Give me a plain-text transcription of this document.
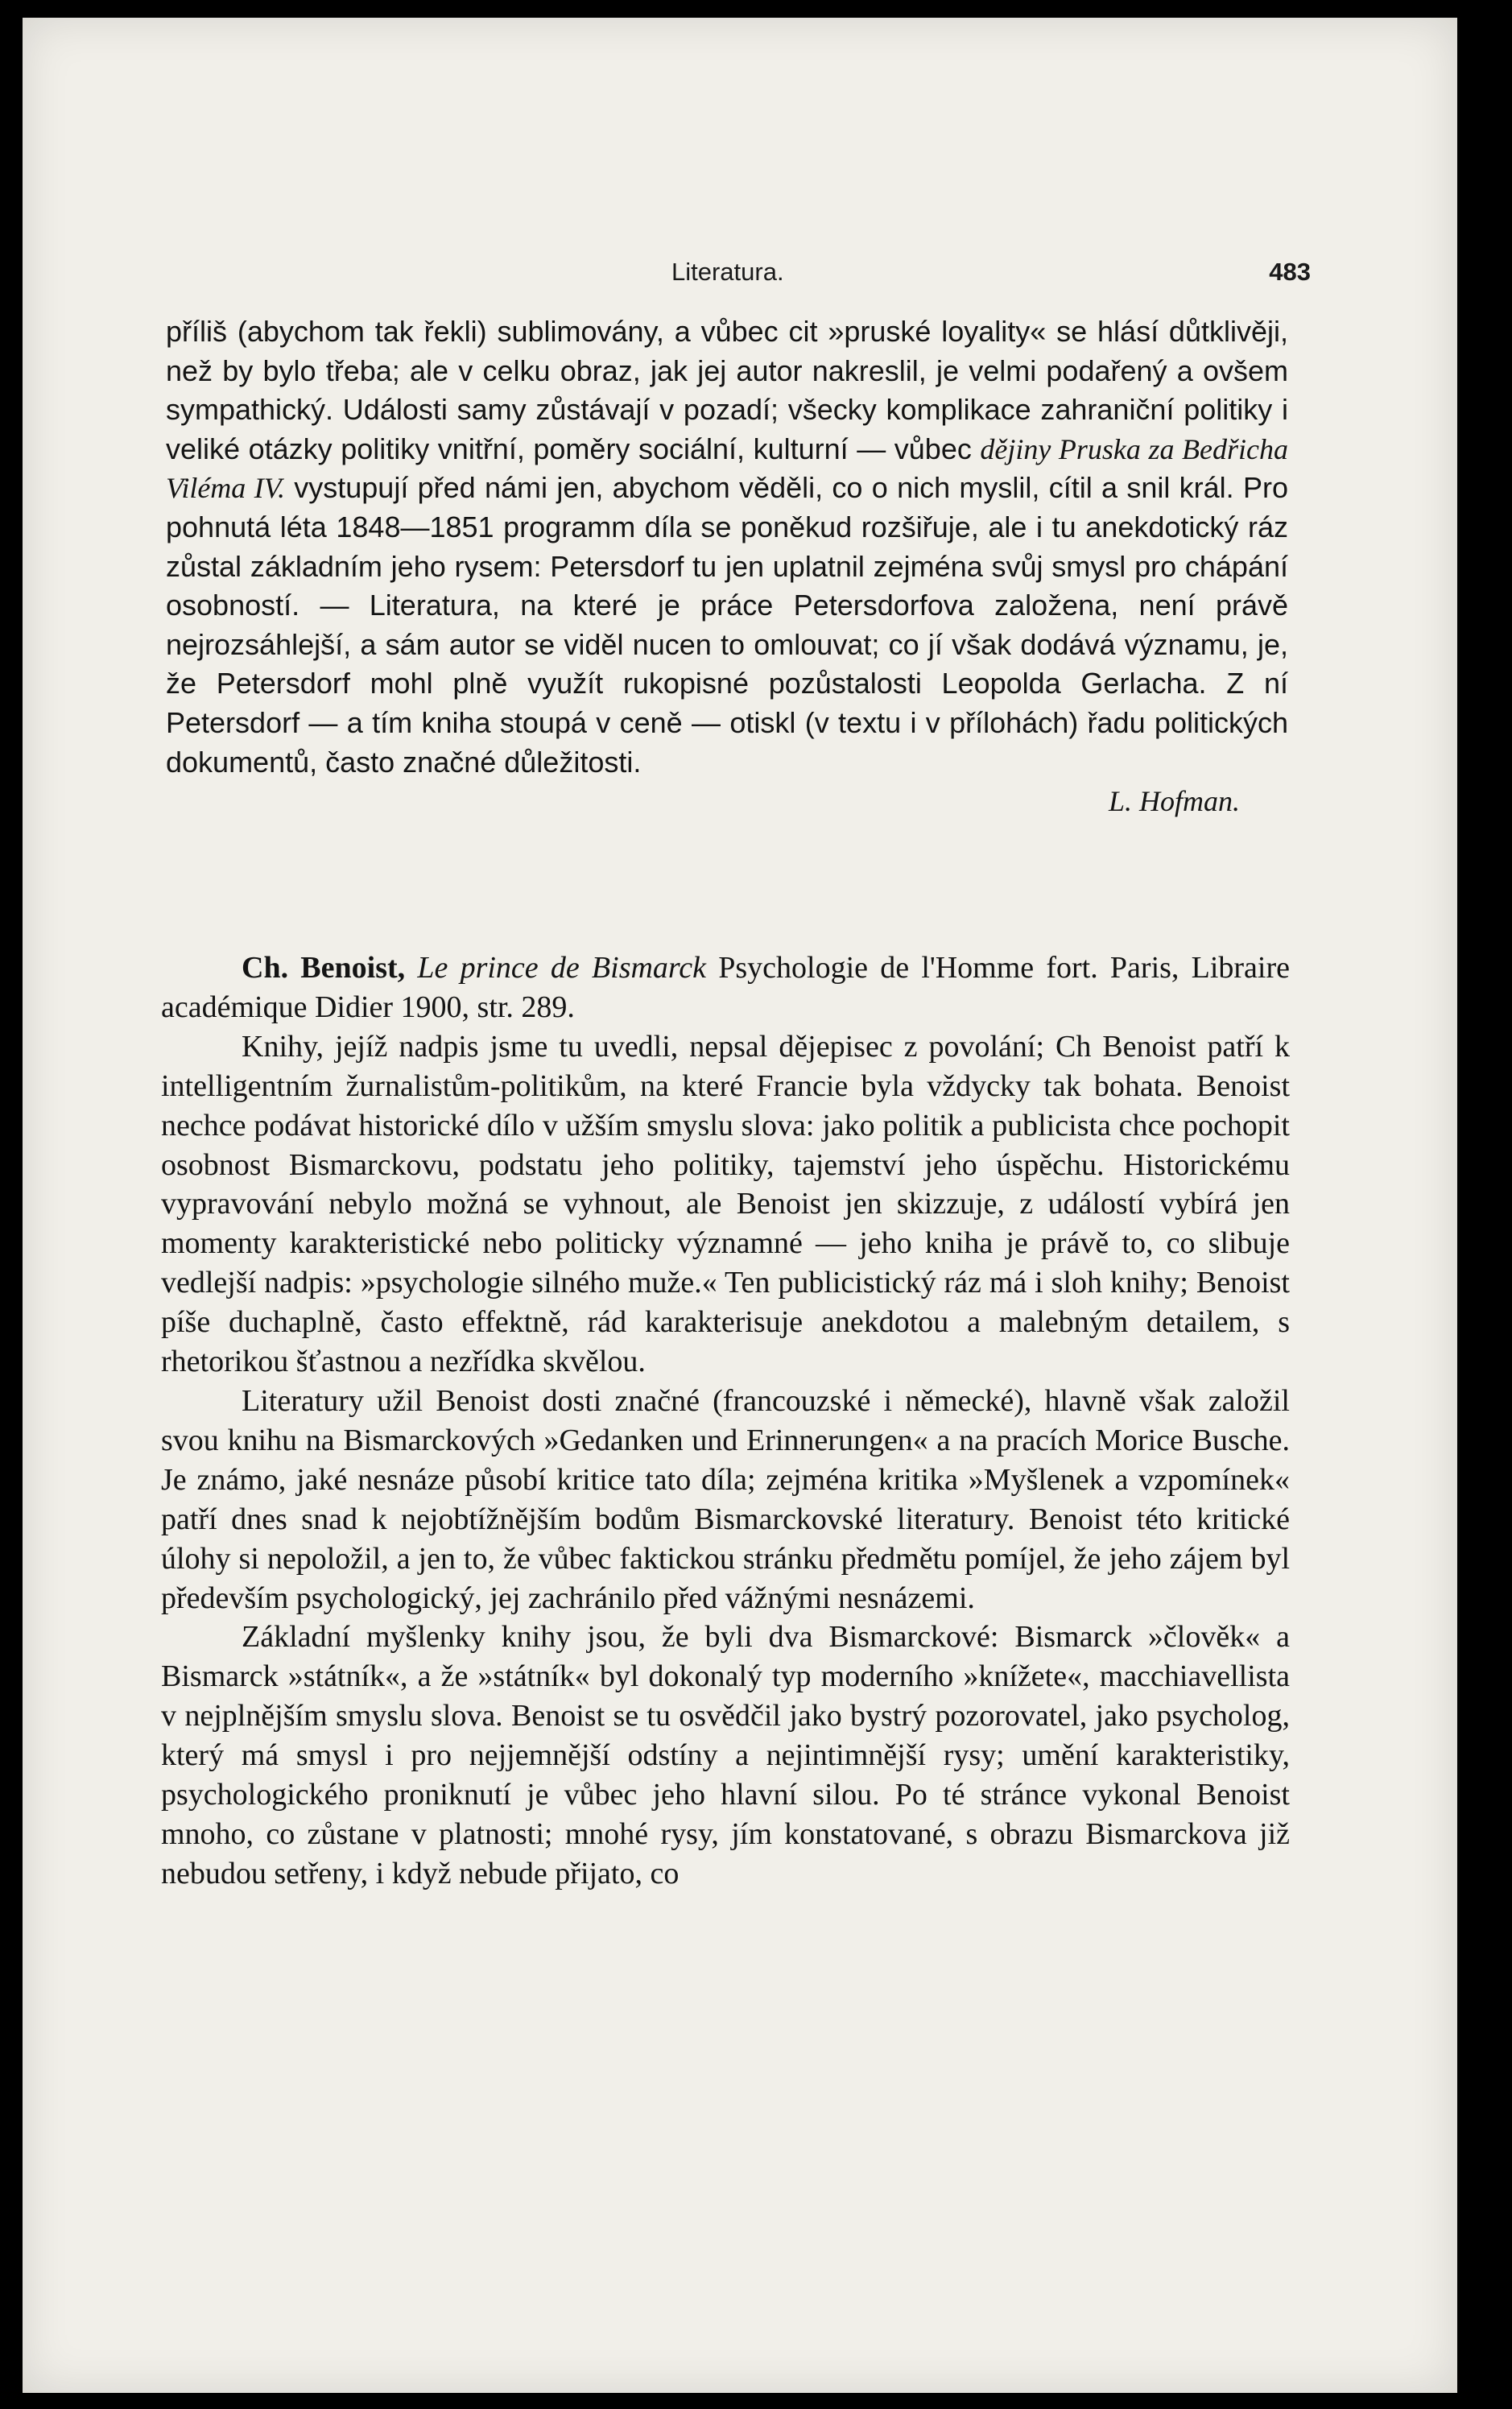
Literatura.	483

příliš (abychom tak řekli) sublimovány, a vůbec cit »pruské loyality« se hlásí důtklivěji, než by bylo třeba; ale v celku obraz, jak jej autor nakreslil, je velmi podařený a ovšem sympathický. Události samy zůstávají v pozadí; všecky komplikace zahraniční politiky i veliké otázky politiky vnitřní, poměry sociální, kulturní — vůbec dějiny Pruska za Bedřicha Viléma IV. vystupují před námi jen, abychom věděli, co o nich myslil, cítil a snil král. Pro pohnutá léta 1848—1851 programm díla se poněkud rozšiřuje, ale i tu anekdotický ráz zůstal základním jeho rysem: Petersdorf tu jen uplatnil zejména svůj smysl pro chápání osobností. — Literatura, na které je práce Petersdorfova založena, není právě nejrozsáhlejší, a sám autor se viděl nucen to omlouvat; co jí však dodává významu, je, že Petersdorf mohl plně využít rukopisné pozůstalosti Leopolda Gerlacha. Z ní Petersdorf — a tím kniha stoupá v ceně — otiskl (v textu i v přílohách) řadu politických dokumentů, často značné důležitosti.
L. Hofman.

Ch. Benoist, Le prince de Bismarck Psychologie de l'Homme fort. Paris, Libraire académique Didier 1900, str. 289.

Knihy, jejíž nadpis jsme tu uvedli, nepsal dějepisec z povolání; Ch Benoist patří k intelligentním žurnalistům-politikům, na které Francie byla vždycky tak bohata. Benoist nechce podávat historické dílo v užším smyslu slova: jako politik a publicista chce pochopit osobnost Bismarckovu, podstatu jeho politiky, tajemství jeho úspěchu. Historickému vypravování nebylo možná se vyhnout, ale Benoist jen skizzuje, z událostí vybírá jen momenty karakteristické nebo politicky významné — jeho kniha je právě to, co slibuje vedlejší nadpis: »psychologie silného muže.« Ten publicistický ráz má i sloh knihy; Benoist píše duchaplně, často effektně, rád karakterisuje anekdotou a malebným detailem, s rhetorikou šťastnou a nezřídka skvělou.

Literatury užil Benoist dosti značné (francouzské i německé), hlavně však založil svou knihu na Bismarckových »Gedanken und Erinnerungen« a na pracích Morice Busche. Je známo, jaké nesnáze působí kritice tato díla; zejména kritika »Myšlenek a vzpomínek« patří dnes snad k nejobtížnějším bodům Bismarckovské literatury. Benoist této kritické úlohy si nepoložil, a jen to, že vůbec faktickou stránku předmětu pomíjel, že jeho zájem byl především psychologický, jej zachránilo před vážnými nesnázemi.

Základní myšlenky knihy jsou, že byli dva Bismarckové: Bismarck »člověk« a Bismarck »státník«, a že »státník« byl dokonalý typ moderního »knížete«, macchiavellista v nejplnějším smyslu slova. Benoist se tu osvědčil jako bystrý pozorovatel, jako psycholog, který má smysl i pro nejjemnější odstíny a nejintimnější rysy; umění karakteristiky, psychologického proniknutí je vůbec jeho hlavní silou. Po té stránce vykonal Benoist mnoho, co zůstane v platnosti; mnohé rysy, jím konstatované, s obrazu Bismarckova již nebudou setřeny, i když nebude přijato, co
